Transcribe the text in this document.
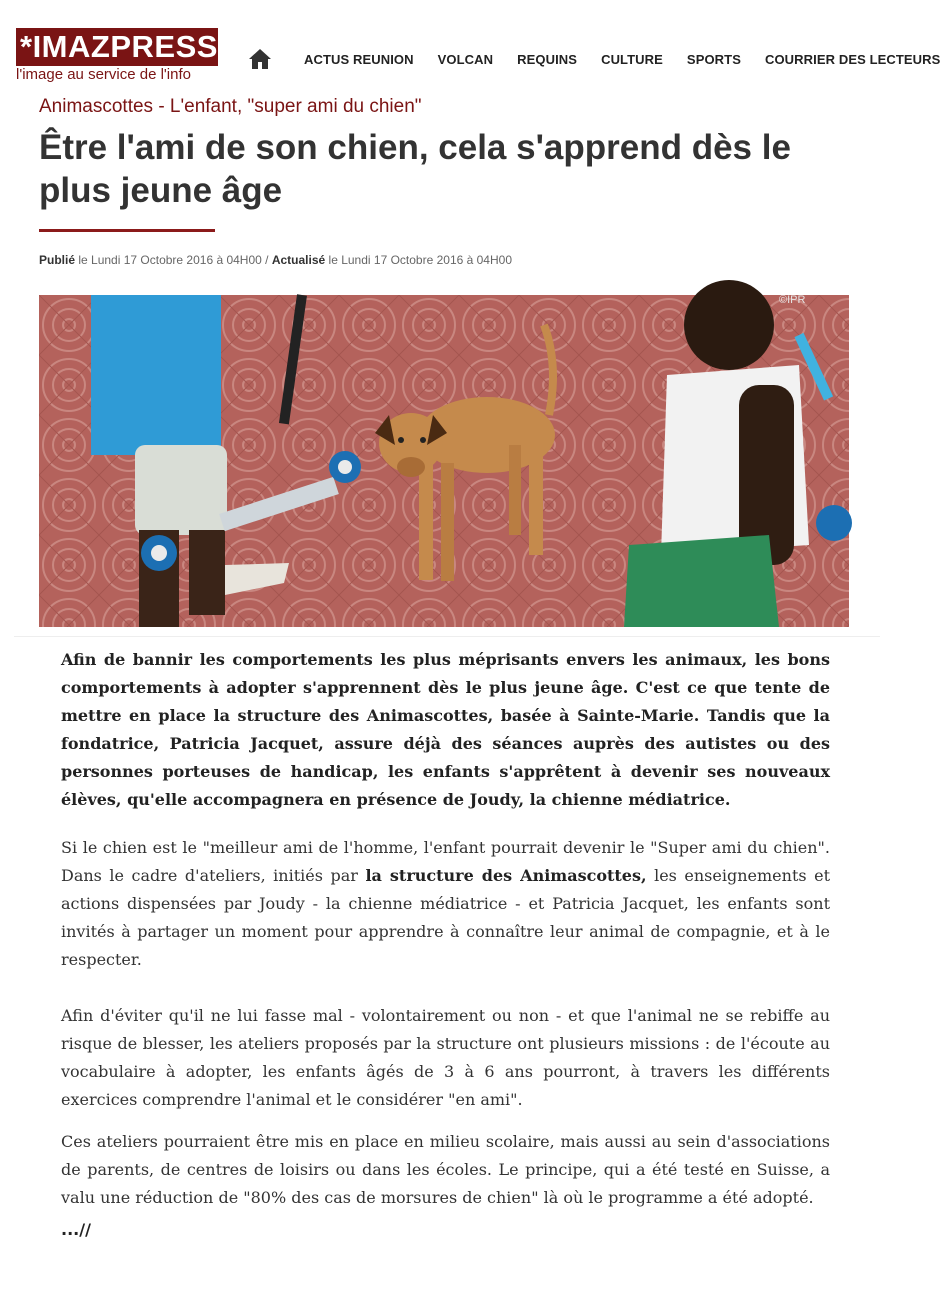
*IMAZPRESS
l'image au service de l'info
ACTUS REUNION VOLCAN REQUINS CULTURE SPORTS COURRIER DES LECTEURS
Animascottes - L'enfant, "super ami du chien"
Être l'ami de son chien, cela s'apprend dès le plus jeune âge
Publié le Lundi 17 Octobre 2016 à 04H00 / Actualisé le Lundi 17 Octobre 2016 à 04H00
©IPR

Afin de bannir les comportements les plus méprisants envers les animaux, les bons comportements à adopter s'apprennent dès le plus jeune âge. C'est ce que tente de mettre en place la structure des Animascottes, basée à Sainte-Marie. Tandis que la fondatrice, Patricia Jacquet, assure déjà des séances auprès des autistes ou des personnes porteuses de handicap, les enfants s'apprêtent à devenir ses nouveaux élèves, qu'elle accompagnera en présence de Joudy, la chienne médiatrice.

Si le chien est le "meilleur ami de l'homme, l'enfant pourrait devenir le "Super ami du chien". Dans le cadre d'ateliers, initiés par la structure des Animascottes, les enseignements et actions dispensées par Joudy - la chienne médiatrice - et Patricia Jacquet, les enfants sont invités à partager un moment pour apprendre à connaître leur animal de compagnie, et à le respecter.

Afin d'éviter qu'il ne lui fasse mal - volontairement ou non - et que l'animal ne se rebiffe au risque de blesser, les ateliers proposés par la structure ont plusieurs missions : de l'écoute au vocabulaire à adopter, les enfants âgés de 3 à 6 ans pourront, à travers les différents exercices comprendre l'animal et le considérer "en ami".

Ces ateliers pourraient être mis en place en milieu scolaire, mais aussi au sein d'associations de parents, de centres de loisirs ou dans les écoles. Le principe, qui a été testé en Suisse, a valu une réduction de "80% des cas de morsures de chien" là où le programme a été adopté.

...//
